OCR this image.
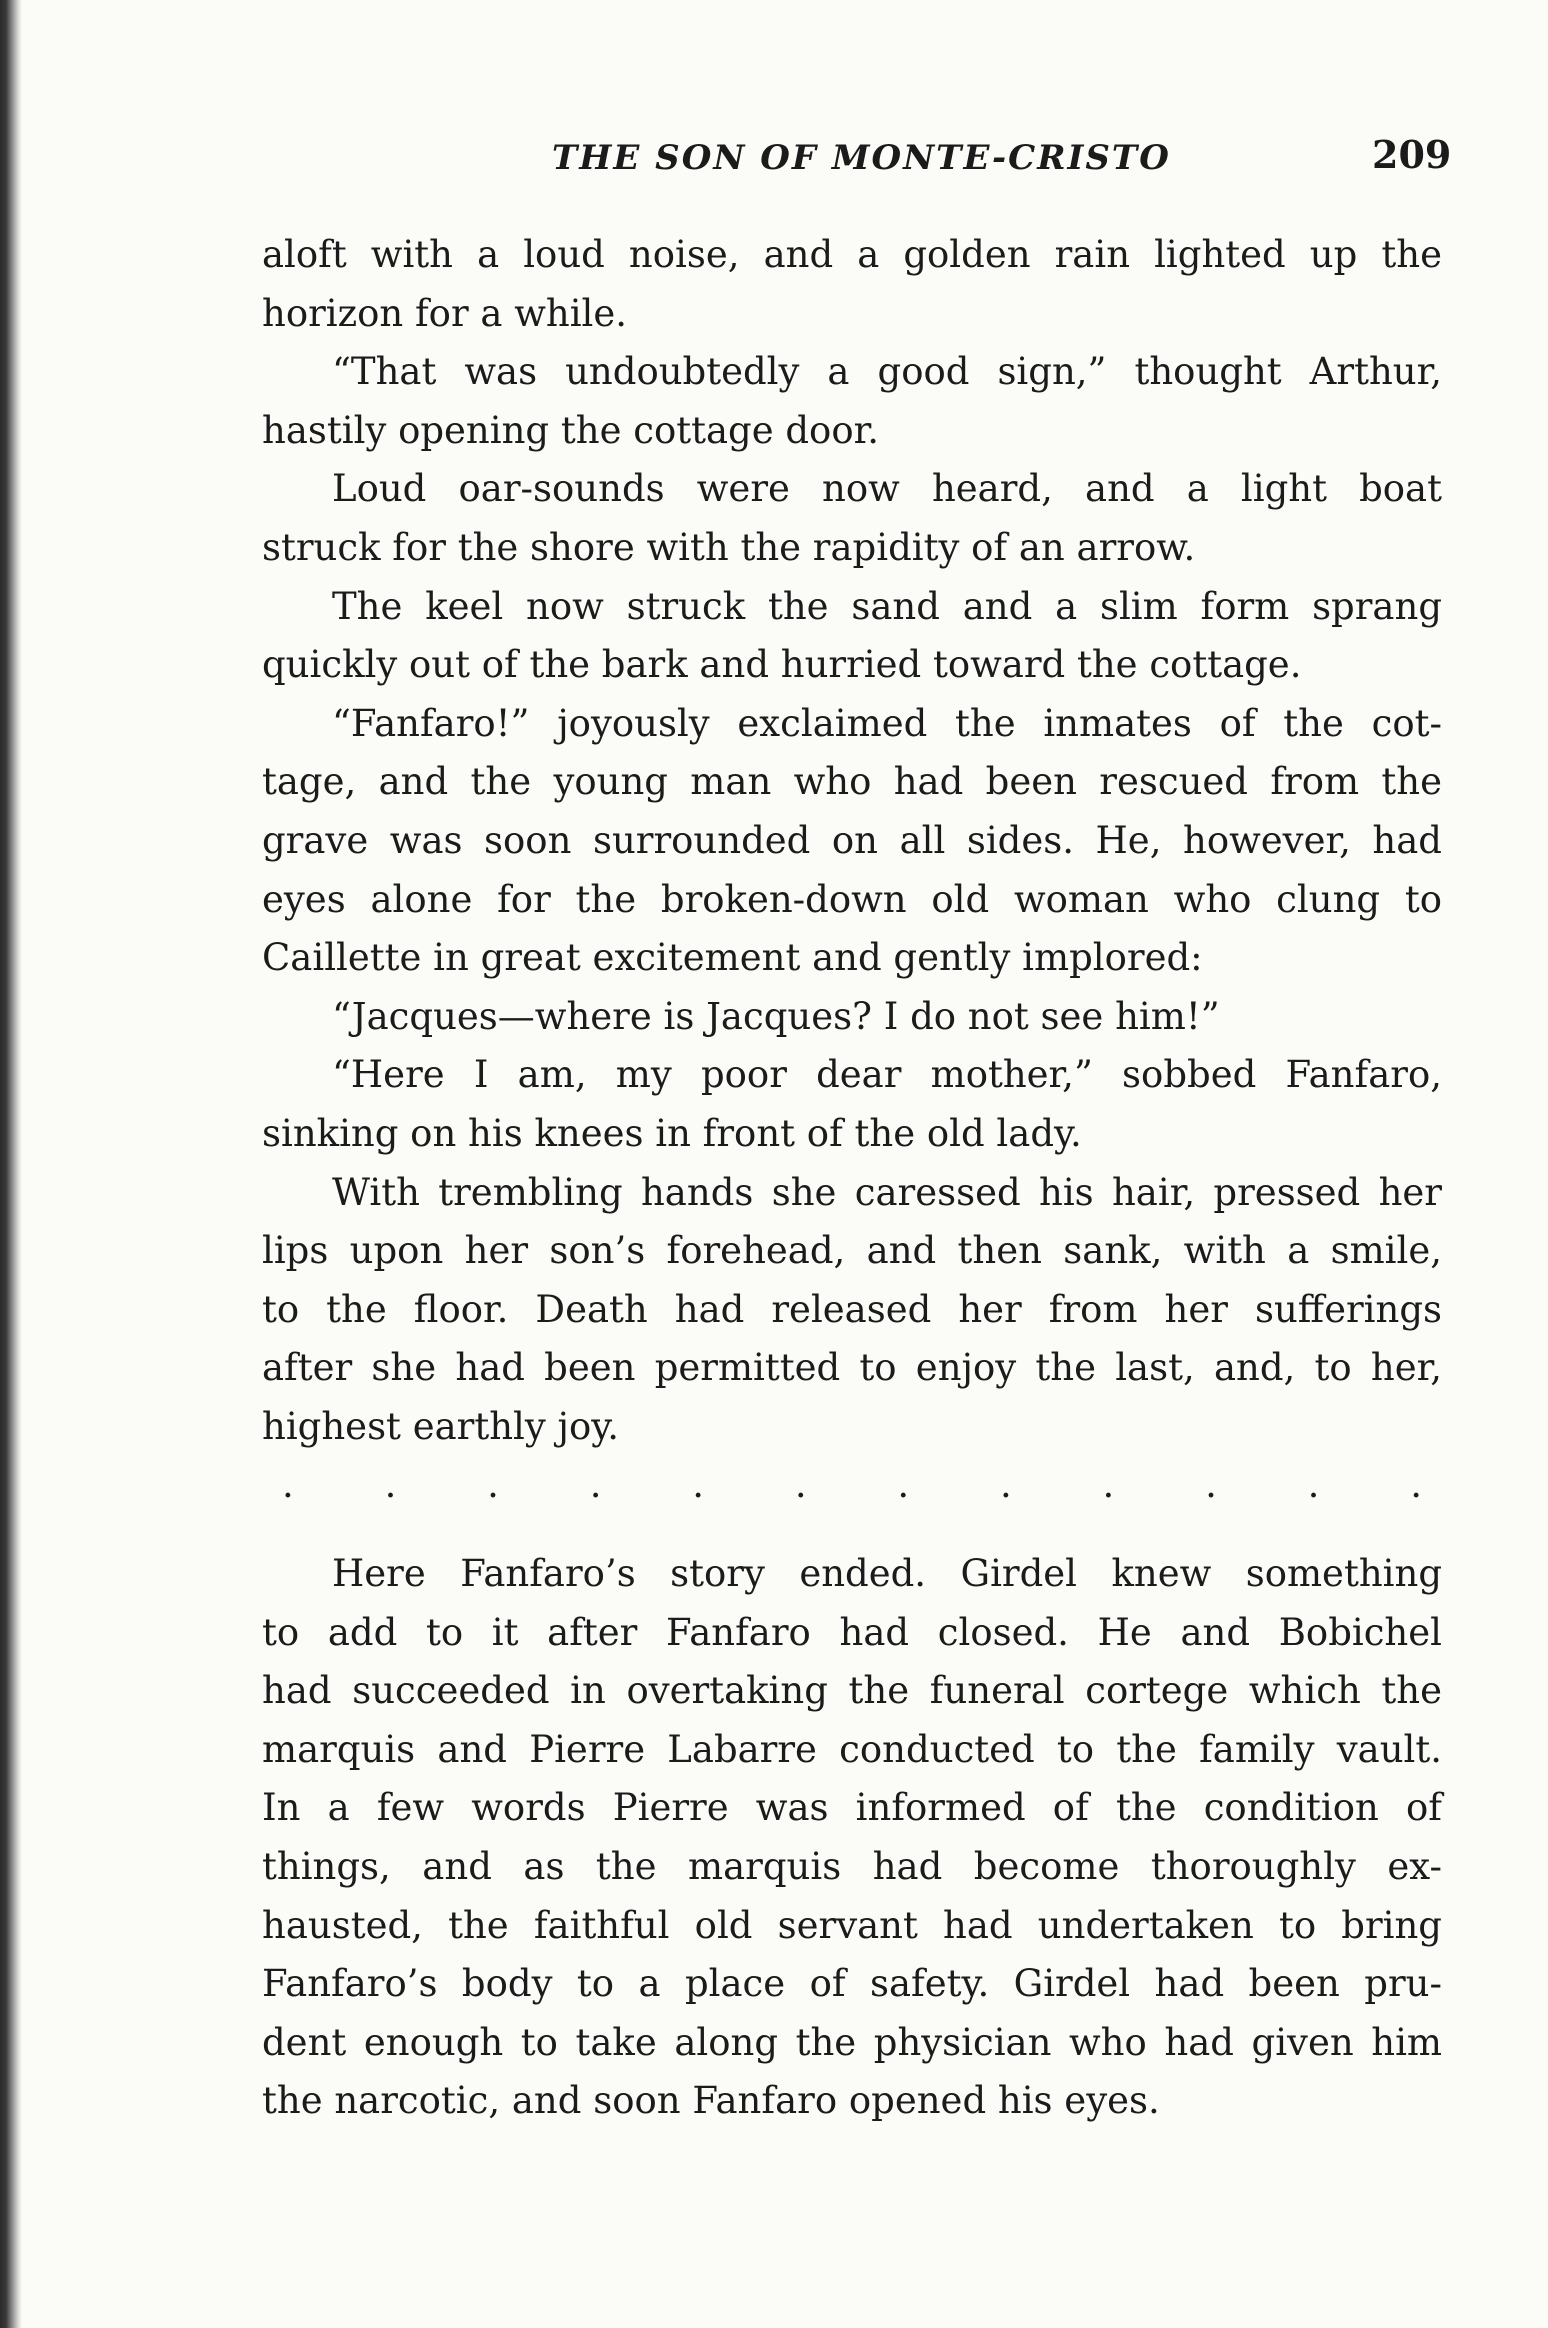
THE SON OF MONTE-CRISTO	209
aloft with a loud noise, and a golden rain lighted up the
horizon for a while.
“That was undoubtedly a good sign,” thought Arthur,
hastily opening the cottage door.
Loud oar-sounds were now heard, and a light boat
struck for the shore with the rapidity of an arrow.
The keel now struck the sand and a slim form sprang
quickly out of the bark and hurried toward the cottage.
“Fanfaro!” joyously exclaimed the inmates of the cot-
tage, and the young man who had been rescued from the
grave was soon surrounded on all sides. He, however, had
eyes alone for the broken-down old woman who clung to
Caillette in great excitement and gently implored:
“Jacques—where is Jacques? I do not see him!”
“Here I am, my poor dear mother,” sobbed Fanfaro,
sinking on his knees in front of the old lady.
With trembling hands she caressed his hair, pressed her
lips upon her son’s forehead, and then sank, with a smile,
to the floor. Death had released her from her sufferings
after she had been permitted to enjoy the last, and, to her,
highest earthly joy.
. . . . . . . . . . . .
Here Fanfaro’s story ended. Girdel knew something
to add to it after Fanfaro had closed. He and Bobichel
had succeeded in overtaking the funeral cortege which the
marquis and Pierre Labarre conducted to the family vault.
In a few words Pierre was informed of the condition of
things, and as the marquis had become thoroughly ex-
hausted, the faithful old servant had undertaken to bring
Fanfaro’s body to a place of safety. Girdel had been pru-
dent enough to take along the physician who had given him
the narcotic, and soon Fanfaro opened his eyes.
